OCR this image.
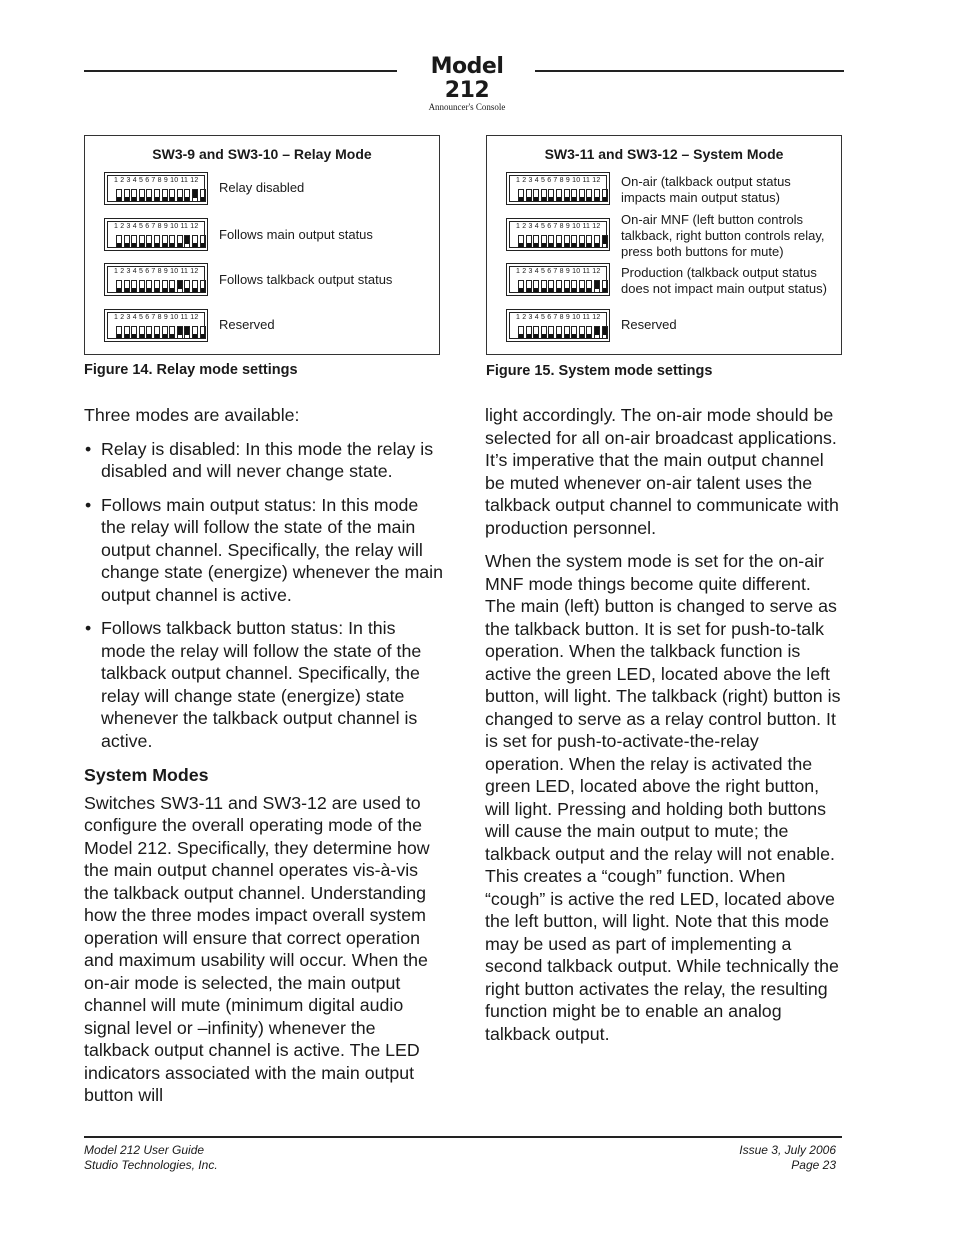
Model 212
Announcer's Console
SW3-9 and SW3-10 – Relay Mode
1 2 3 4 5 6 7 8 9 10 11 12 Relay disabled
1 2 3 4 5 6 7 8 9 10 11 12
Follows main output status
1 2 3 4 5 6 7 8 9 10 11 12
Follows talkback output status
1 2 3 4 5 6 7 8 9 10 11 12 Reserved
Figure 14. Relay mode settings
SW3-11 and SW3-12 – System Mode
1 2 3 4 5 6 7 8 9 10 11 12 On-air (talkback output status impacts main output status)
1 2 3 4 5 6 7 8 9 10 11 12 On-air MNF (left button controls talkback, right button controls relay, press both buttons for mute)
1 2 3 4 5 6 7 8 9 10 11 12 Production (talkback output status does not impact main output status)
1 2 3 4 5 6 7 8 9 10 11 12 Reserved
Figure 15. System mode settings

Three modes are available:

• Relay is disabled: In this mode the relay is disabled and will never change state.

• Follows main output status: In this mode the relay will follow the state of the main output channel. Specifically, the relay will change state (energize) whenever the main output channel is active.

• Follows talkback button status: In this mode the relay will follow the state of the talkback output channel. Specifically, the relay will change state (energize) state whenever the talkback output channel is active.

System Modes

Switches SW3-11 and SW3-12 are used to configure the overall operating mode of the Model 212. Specifically, they determine how the main output channel operates vis-à-vis the talkback output channel. Understanding how the three modes impact overall system operation will ensure that correct operation and maximum usability will occur. When the on-air mode is selected, the main output channel will mute (minimum digital audio signal level or –infinity) whenever the talkback output channel is active. The LED indicators associated with the main output button will

light accordingly. The on-air mode should be selected for all on-air broadcast applications. It’s imperative that the main output channel be muted whenever on-air talent uses the talkback output channel to communicate with production personnel.

When the system mode is set for the on-air MNF mode things become quite different. The main (left) button is changed to serve as the talkback button. It is set for push-to-talk operation. When the talkback function is active the green LED, located above the left button, will light. The talkback (right) button is changed to serve as a relay control button. It is set for push-to-activate-the-relay operation. When the relay is activated the green LED, located above the right button, will light. Pressing and holding both buttons will cause the main output to mute; the talkback output and the relay will not enable. This creates a “cough” function. When “cough” is active the red LED, located above the left button, will light. Note that this mode may be used as part of implementing a second talkback output. While technically the right button activates the relay, the resulting function might be to enable an analog talkback output.

Model 212 User Guide
Studio Technologies, Inc.
Issue 3, July 2006
Page 23
